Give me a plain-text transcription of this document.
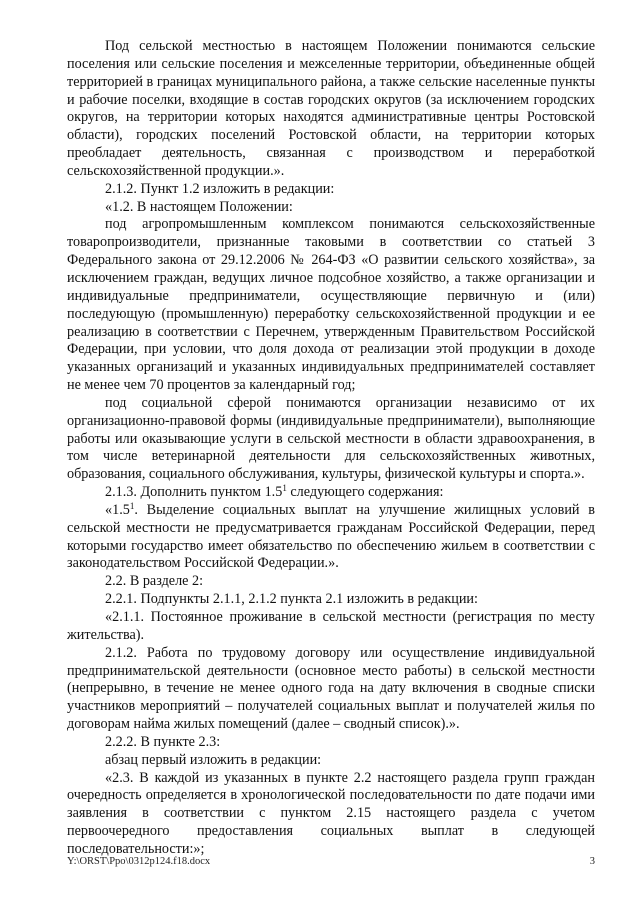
Под сельской местностью в настоящем Положении понимаются сельские поселения или сельские поселения и межселенные территории, объединенные общей территорией в границах муниципального района, а также сельские населенные пункты и рабочие поселки, входящие в состав городских округов (за исключением городских округов, на территории которых находятся административные центры Ростовской области), городских поселений Ростовской области, на территории которых преобладает деятельность, связанная с производством и переработкой сельскохозяйственной продукции.».

2.1.2. Пункт 1.2 изложить в редакции:

«1.2. В настоящем Положении:

под агропромышленным комплексом понимаются сельскохозяйственные товаропроизводители, признанные таковыми в соответствии со статьей 3 Федерального закона от 29.12.2006 № 264-ФЗ «О развитии сельского хозяйства», за исключением граждан, ведущих личное подсобное хозяйство, а также организации и индивидуальные предприниматели, осуществляющие первичную и (или) последующую (промышленную) переработку сельскохозяйственной продукции и ее реализацию в соответствии с Перечнем, утвержденным Правительством Российской Федерации, при условии, что доля дохода от реализации этой продукции в доходе указанных организаций и указанных индивидуальных предпринимателей составляет не менее чем 70 процентов за календарный год;

под социальной сферой понимаются организации независимо от их организационно-правовой формы (индивидуальные предприниматели), выполняющие работы или оказывающие услуги в сельской местности в области здравоохранения, в том числе ветеринарной деятельности для сельскохозяйственных животных, образования, социального обслуживания, культуры, физической культуры и спорта.».

2.1.3. Дополнить пунктом $1.5^1$ следующего содержания:

«$1.5^1$. Выделение социальных выплат на улучшение жилищных условий в сельской местности не предусматривается гражданам Российской Федерации, перед которыми государство имеет обязательство по обеспечению жильем в соответствии с законодательством Российской Федерации.».

2.2. В разделе 2:

2.2.1. Подпункты 2.1.1, 2.1.2 пункта 2.1 изложить в редакции:

«2.1.1. Постоянное проживание в сельской местности (регистрация по месту жительства).

2.1.2. Работа по трудовому договору или осуществление индивидуальной предпринимательской деятельности (основное место работы) в сельской местности (непрерывно, в течение не менее одного года на дату включения в сводные списки участников мероприятий – получателей социальных выплат и получателей жилья по договорам найма жилых помещений (далее – сводный список).».

2.2.2. В пункте 2.3:

абзац первый изложить в редакции:

«2.3. В каждой из указанных в пункте 2.2 настоящего раздела групп граждан очередность определяется в хронологической последовательности по дате подачи ими заявления в соответствии с пунктом 2.15 настоящего раздела с учетом первоочередного предоставления социальных выплат в следующей последовательности:»;

Y:\ORST\Ppo\0312p124.f18.docx	3
